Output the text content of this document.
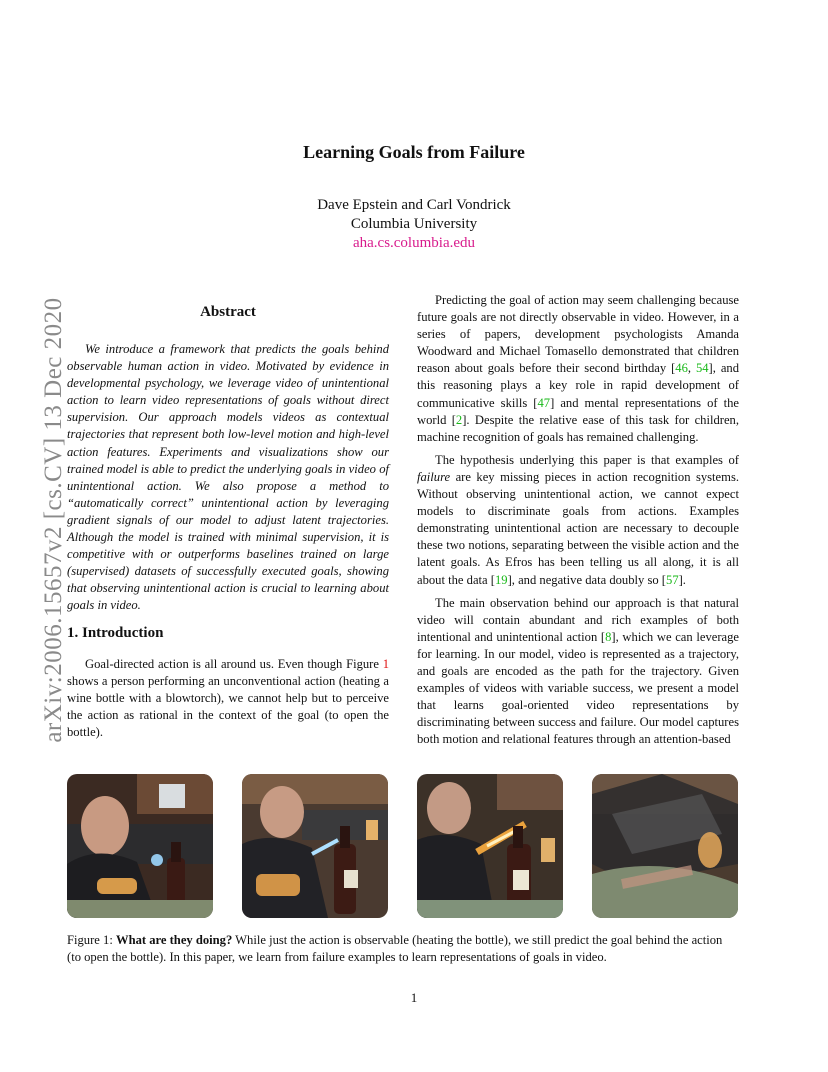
Learning Goals from Failure
Dave Epstein and Carl Vondrick
Columbia University
aha.cs.columbia.edu
arXiv:2006.15657v2 [cs.CV] 13 Dec 2020	Abstract

We introduce a framework that predicts the goals behind observable human action in video. Motivated by evidence in developmental psychology, we leverage video of unintentional action to learn video representations of goals without direct supervision. Our approach models videos as contextual trajectories that represent both low-level motion and high-level action features. Experiments and visualizations show our trained model is able to predict the underlying goals in video of unintentional action. We also propose a method to “automatically correct” unintentional action by leveraging gradient signals of our model to adjust latent trajectories. Although the model is trained with minimal supervision, it is competitive with or outperforms baselines trained on large (supervised) datasets of successfully executed goals, showing that observing unintentional action is crucial to learning about goals in video.

1. Introduction

Goal-directed action is all around us. Even though Figure 1 shows a person performing an unconventional action (heating a wine bottle with a blowtorch), we cannot help but to perceive the action as rational in the context of the goal (to open the bottle).

Predicting the goal of action may seem challenging because future goals are not directly observable in video. However, in a series of papers, development psychologists Amanda Woodward and Michael Tomasello demonstrated that children reason about goals before their second birthday [46, 54], and this reasoning plays a key role in rapid development of communicative skills [47] and mental representations of the world [2]. Despite the relative ease of this task for children, machine recognition of goals has remained challenging.

The hypothesis underlying this paper is that examples of failure are key missing pieces in action recognition systems. Without observing unintentional action, we cannot expect models to discriminate goals from actions. Examples demonstrating unintentional action are necessary to decouple these two notions, separating between the visible action and the latent goals. As Efros has been telling us all along, it is all about the data [19], and negative data doubly so [57].

The main observation behind our approach is that natural video will contain abundant and rich examples of both intentional and unintentional action [8], which we can leverage for learning. In our model, video is represented as a trajectory, and goals are encoded as the path for the trajectory. Given examples of videos with variable success, we present a model that learns goal-oriented video representations by discriminating between success and failure. Our model captures both motion and relational features through an attention-based

Figure 1: What are they doing? While just the action is observable (heating the bottle), we still predict the goal behind the action (to open the bottle). In this paper, we learn from failure examples to learn representations of goals in video.
1
